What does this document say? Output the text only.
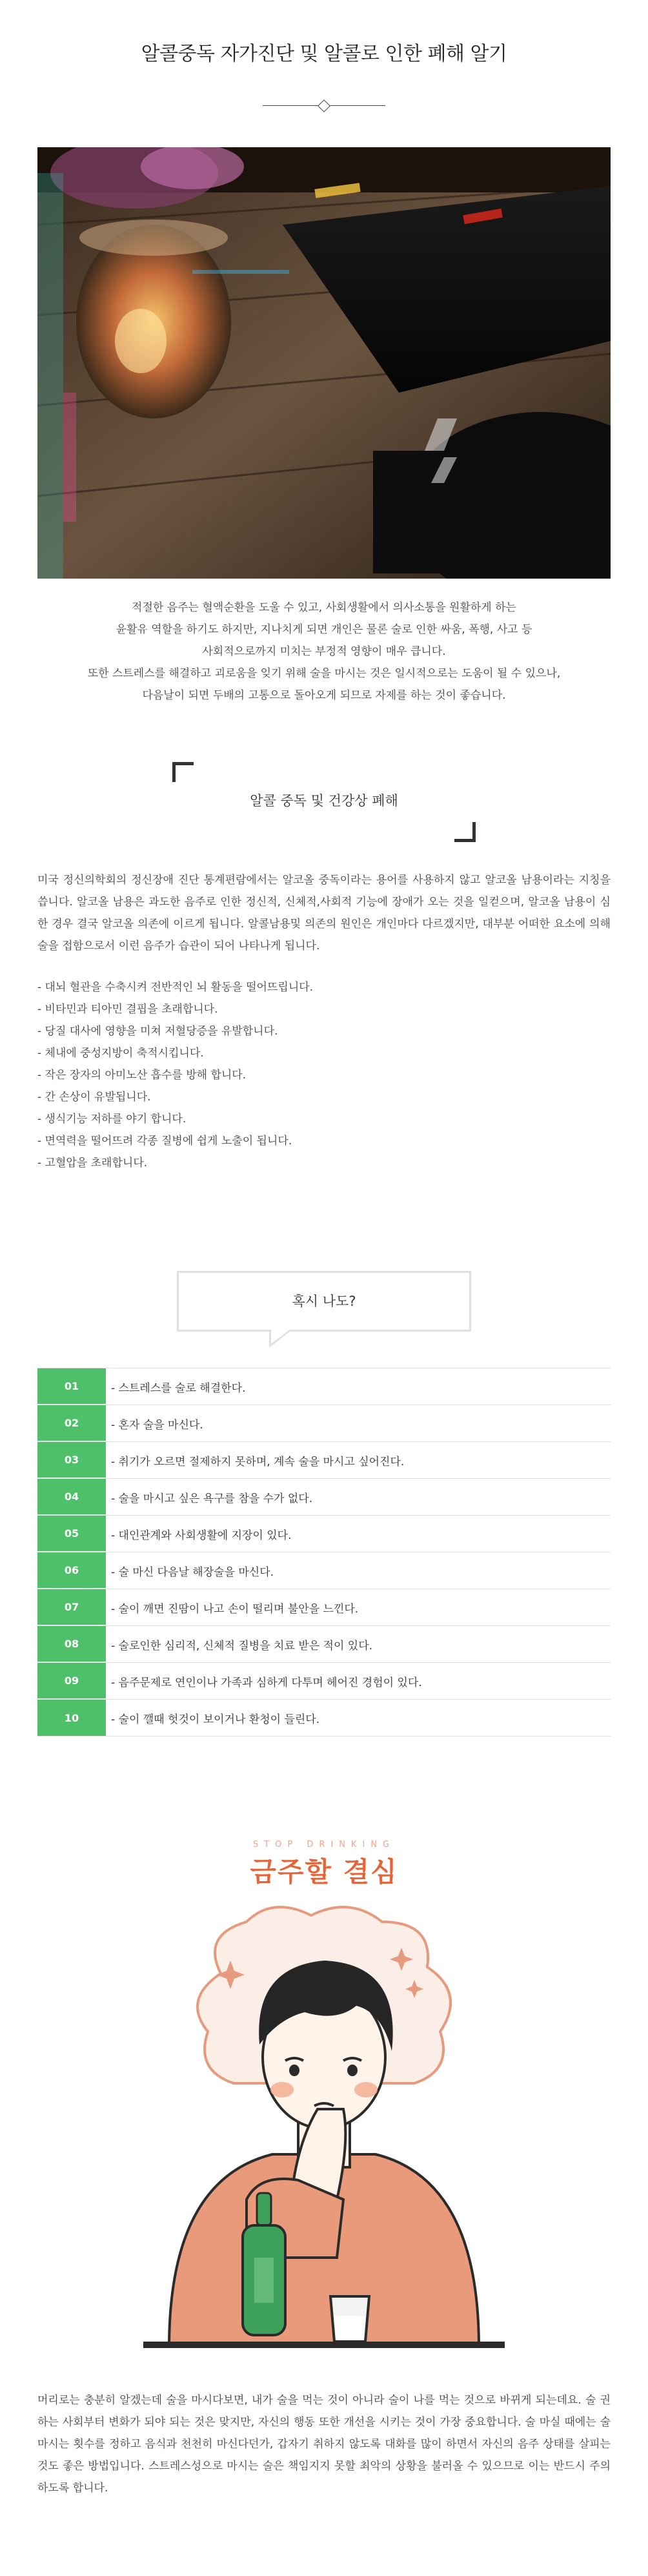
알콜중독 자가진단 및 알콜로 인한 폐해 알기

적절한 음주는 혈액순환을 도울 수 있고, 사회생활에서 의사소통을 원활하게 하는

윤활유 역할을 하기도 하지만, 지나치게 되면 개인은 물론 술로 인한 싸움, 폭행, 사고 등

사회적으로까지 미치는 부정적 영향이 매우 큽니다.

또한 스트레스를 해결하고 괴로움을 잊기 위해 술을 마시는 것은 일시적으로는 도움이 될 수 있으나,

다음날이 되면 두배의 고통으로 돌아오게 되므로 자제를 하는 것이 좋습니다.

알콜 중독 및 건강상 폐해
미국 정신의학회의 정신장애 진단 통계편람에서는 알코올 중독이라는 용어를 사용하지 않고 알코올 남용이라는 지칭을 씁니다. 알코올 남용은 과도한 음주로 인한 정신적, 신체적,사회적 기능에 장애가 오는 것을 일컫으며, 알코올 남용이 심한 경우 결국 알코올 의존에 이르게 됩니다. 알콜남용및 의존의 원인은 개인마다 다르겠지만, 대부분 어떠한 요소에 의해 술을 접함으로서 이런 음주가 습관이 되어 나타나게 됩니다.
- 대뇌 혈관을 수축시켜 전반적인 뇌 활동을 떨어뜨립니다.
- 비타민과 티아민 결핍을 초래합니다.
- 당질 대사에 영향을 미쳐 저혈당증을 유발합니다.
- 체내에 중성지방이 축적시킵니다.
- 작은 장자의 아미노산 흡수를 방해 합니다.
- 간 손상이 유발됩니다.
- 생식기능 저하를 야기 합니다.
- 면역력을 떨어뜨려 각종 질병에 쉽게 노출이 됩니다.
- 고혈압을 초래합니다.
혹시 나도?
01	- 스트레스를 술로 해결한다.
02	- 혼자 술을 마신다.
03	- 취기가 오르면 절제하지 못하며, 계속 술을 마시고 싶어진다.
04	- 술을 마시고 싶은 욕구를 참을 수가 없다.
05	- 대인관계와 사회생활에 지장이 있다.
06	- 술 마신 다음날 해장술을 마신다.
07	- 술이 깨면 진땀이 나고 손이 떨리며 불안을 느낀다.
08	- 술로인한 심리적, 신체적 질병을 치료 받은 적이 있다.
09	- 음주문제로 연인이나 가족과 심하게 다투며 헤어진 경험이 있다.
10	- 술이 깰때 헛것이 보이거나 환청이 들린다.
STOP DRINKING
금주할 결심
머리로는 충분히 알겠는데 술을 마시다보면, 내가 술을 먹는 것이 아니라 술이 나를 먹는 것으로 바뀌게 되는데요. 술 권하는 사회부터 변화가 되야 되는 것은 맞지만, 자신의 행동 또한 개선을 시키는 것이 가장 중요합니다. 술 마실 때에는 술마시는 횟수를 정하고 음식과 천천히 마신다던가, 갑자기 취하지 않도록 대화를 많이 하면서 자신의 음주 상태를 살피는 것도 좋은 방법입니다. 스트레스성으로 마시는 술은 책임지지 못할 최악의 상황을 불러올 수 있으므로 이는 반드시 주의하도록 합니다.
